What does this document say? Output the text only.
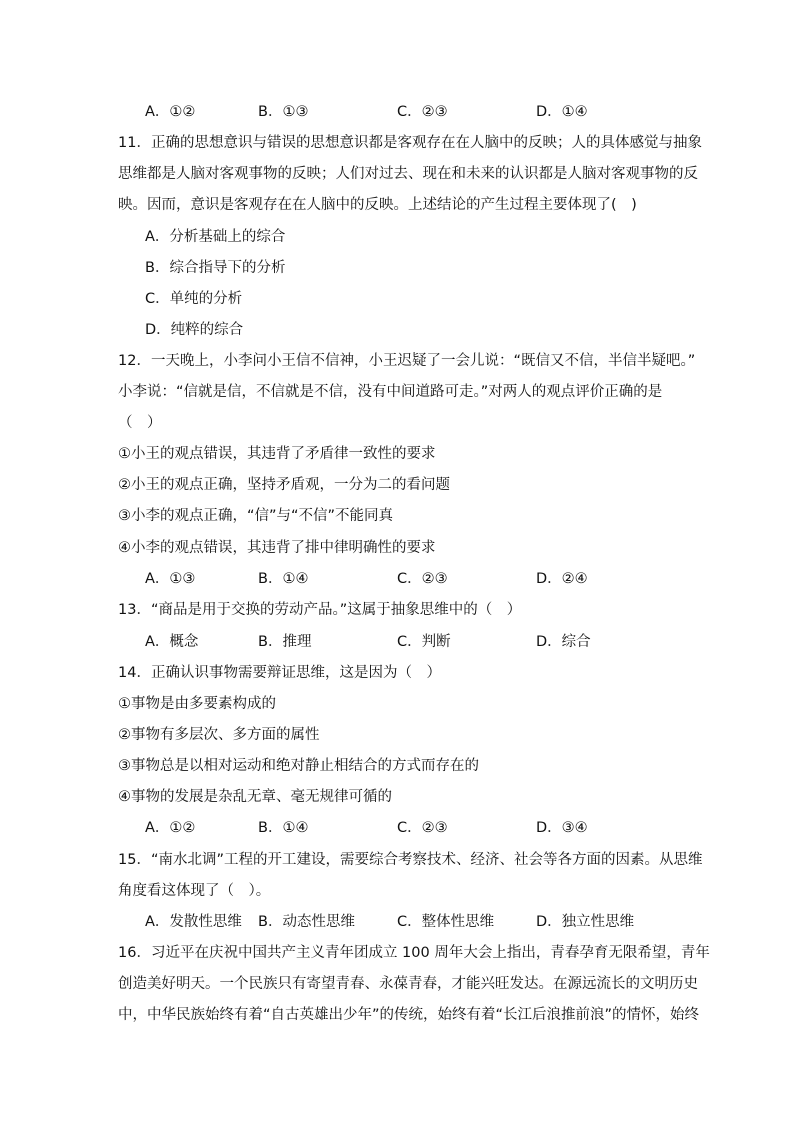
A．①②	B．①③	C．②③	D．①④
11．正确的思想意识与错误的思想意识都是客观存在在人脑中的反映；人的具体感觉与抽象
思维都是人脑对客观事物的反映；人们对过去、现在和未来的认识都是人脑对客观事物的反
映。因而，意识是客观存在在人脑中的反映。上述结论的产生过程主要体现了(　)
A．分析基础上的综合
B．综合指导下的分析
C．单纯的分析
D．纯粹的综合
12．一天晚上，小李问小王信不信神，小王迟疑了一会儿说：“既信又不信，半信半疑吧。”
小李说：“信就是信，不信就是不信，没有中间道路可走。”对两人的观点评价正确的是
（　）
①小王的观点错误，其违背了矛盾律一致性的要求
②小王的观点正确，坚持矛盾观，一分为二的看问题
③小李的观点正确，“信”与“不信”不能同真
④小李的观点错误，其违背了排中律明确性的要求
A．①③	B．①④	C．②③	D．②④
13．“商品是用于交换的劳动产品。”这属于抽象思维中的（　）
A．概念	B．推理	C．判断	D．综合
14．正确认识事物需要辩证思维，这是因为（　）
①事物是由多要素构成的
②事物有多层次、多方面的属性
③事物总是以相对运动和绝对静止相结合的方式而存在的
④事物的发展是杂乱无章、毫无规律可循的
A．①②	B．①④	C．②③	D．③④
15．“南水北调”工程的开工建设，需要综合考察技术、经济、社会等各方面的因素。从思维
角度看这体现了（　）。
A．发散性思维 B．动态性思维	C．整体性思维	D．独立性思维
16．习近平在庆祝中国共产主义青年团成立 100 周年大会上指出，青春孕育无限希望，青年
创造美好明天。一个民族只有寄望青春、永葆青春，才能兴旺发达。在源远流长的文明历史
中，中华民族始终有着“自古英雄出少年”的传统，始终有着“长江后浪推前浪”的情怀，始终
